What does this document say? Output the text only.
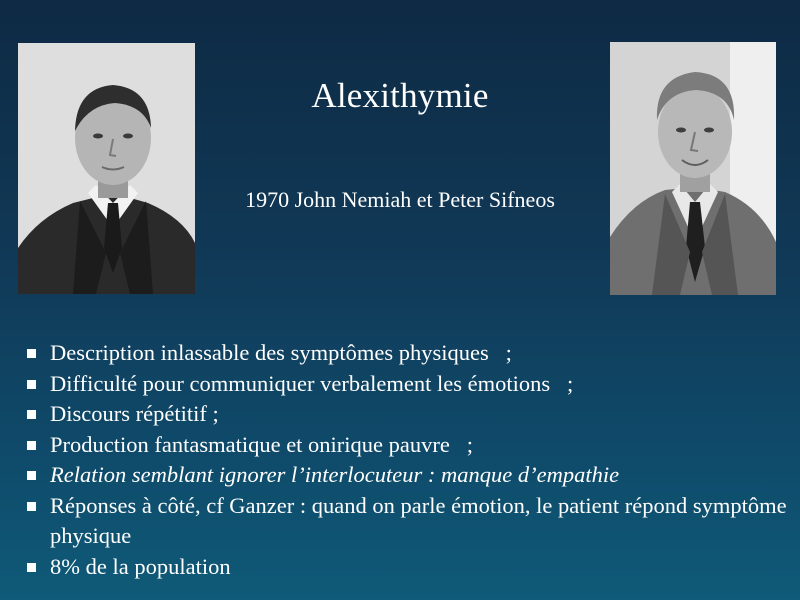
Alexithymie
1970 John Nemiah et Peter Sifneos
Description inlassable des symptômes physiques   ;
Difficulté pour communiquer verbalement les émotions   ;
Discours répétitif ;
Production fantasmatique et onirique pauvre   ;
Relation semblant ignorer l’interlocuteur : manque d’empathie
Réponses à côté, cf Ganzer : quand on parle émotion, le patient répond symptôme physique
8% de la population
